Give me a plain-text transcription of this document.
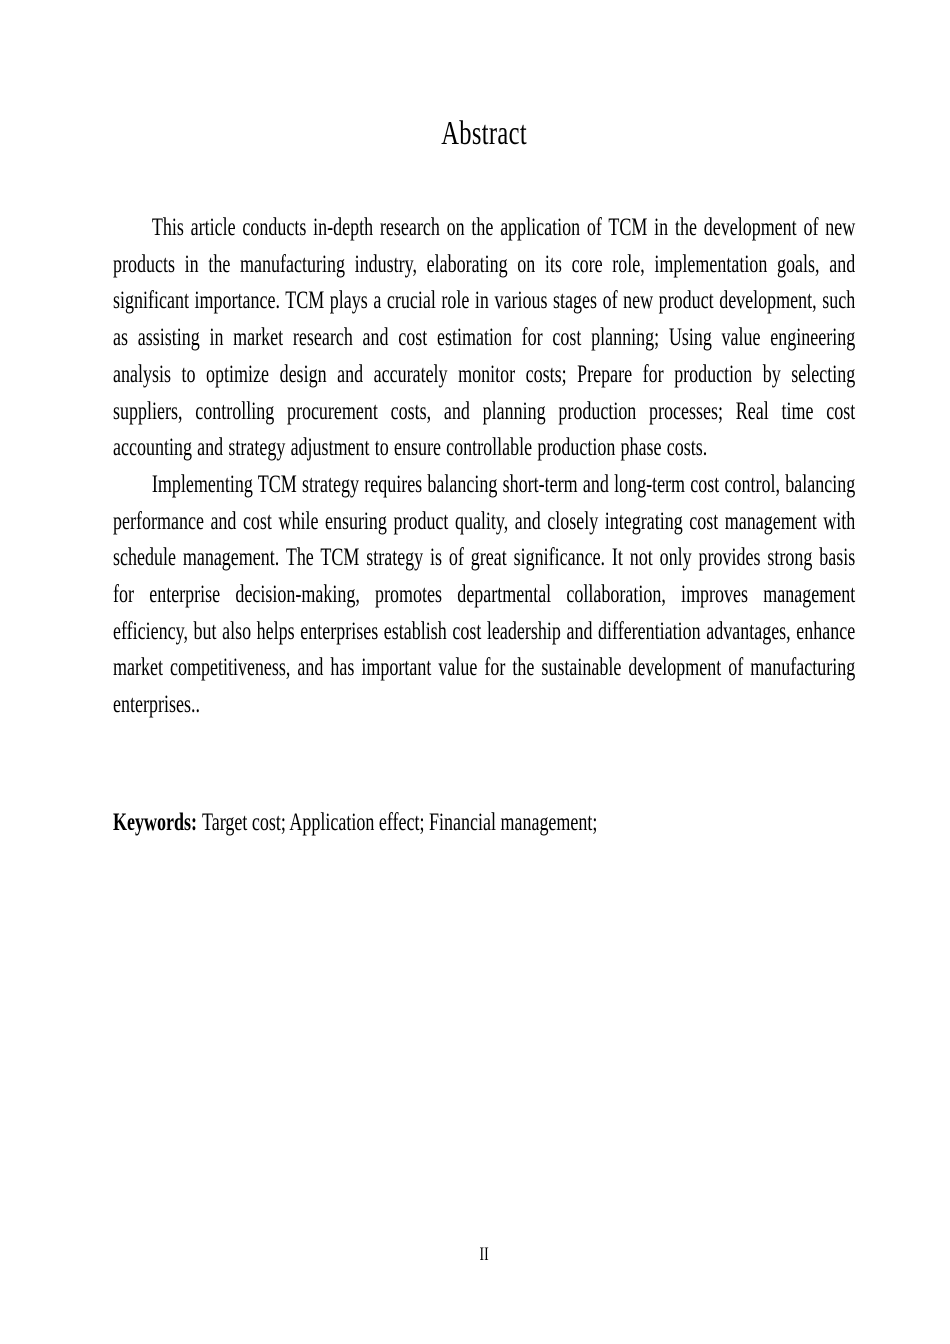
Abstract

This article conducts in-depth research on the application of TCM in the development of new products in the manufacturing industry, elaborating on its core role, implementation goals, and significant importance. TCM plays a crucial role in various stages of new product development, such as assisting in market research and cost estimation for cost planning; Using value engineering analysis to optimize design and accurately monitor costs; Prepare for production by selecting suppliers, controlling procurement costs, and planning production processes; Real time cost accounting and strategy adjustment to ensure controllable production phase costs.

Implementing TCM strategy requires balancing short-term and long-term cost control, balancing performance and cost while ensuring product quality, and closely integrating cost management with schedule management. The TCM strategy is of great significance. It not only provides strong basis for enterprise decision-making, promotes departmental collaboration, improves management efficiency, but also helps enterprises establish cost leadership and differentiation advantages, enhance market competitiveness, and has important value for the sustainable development of manufacturing enterprises..

Keywords: Target cost; Application effect; Financial management;
II
